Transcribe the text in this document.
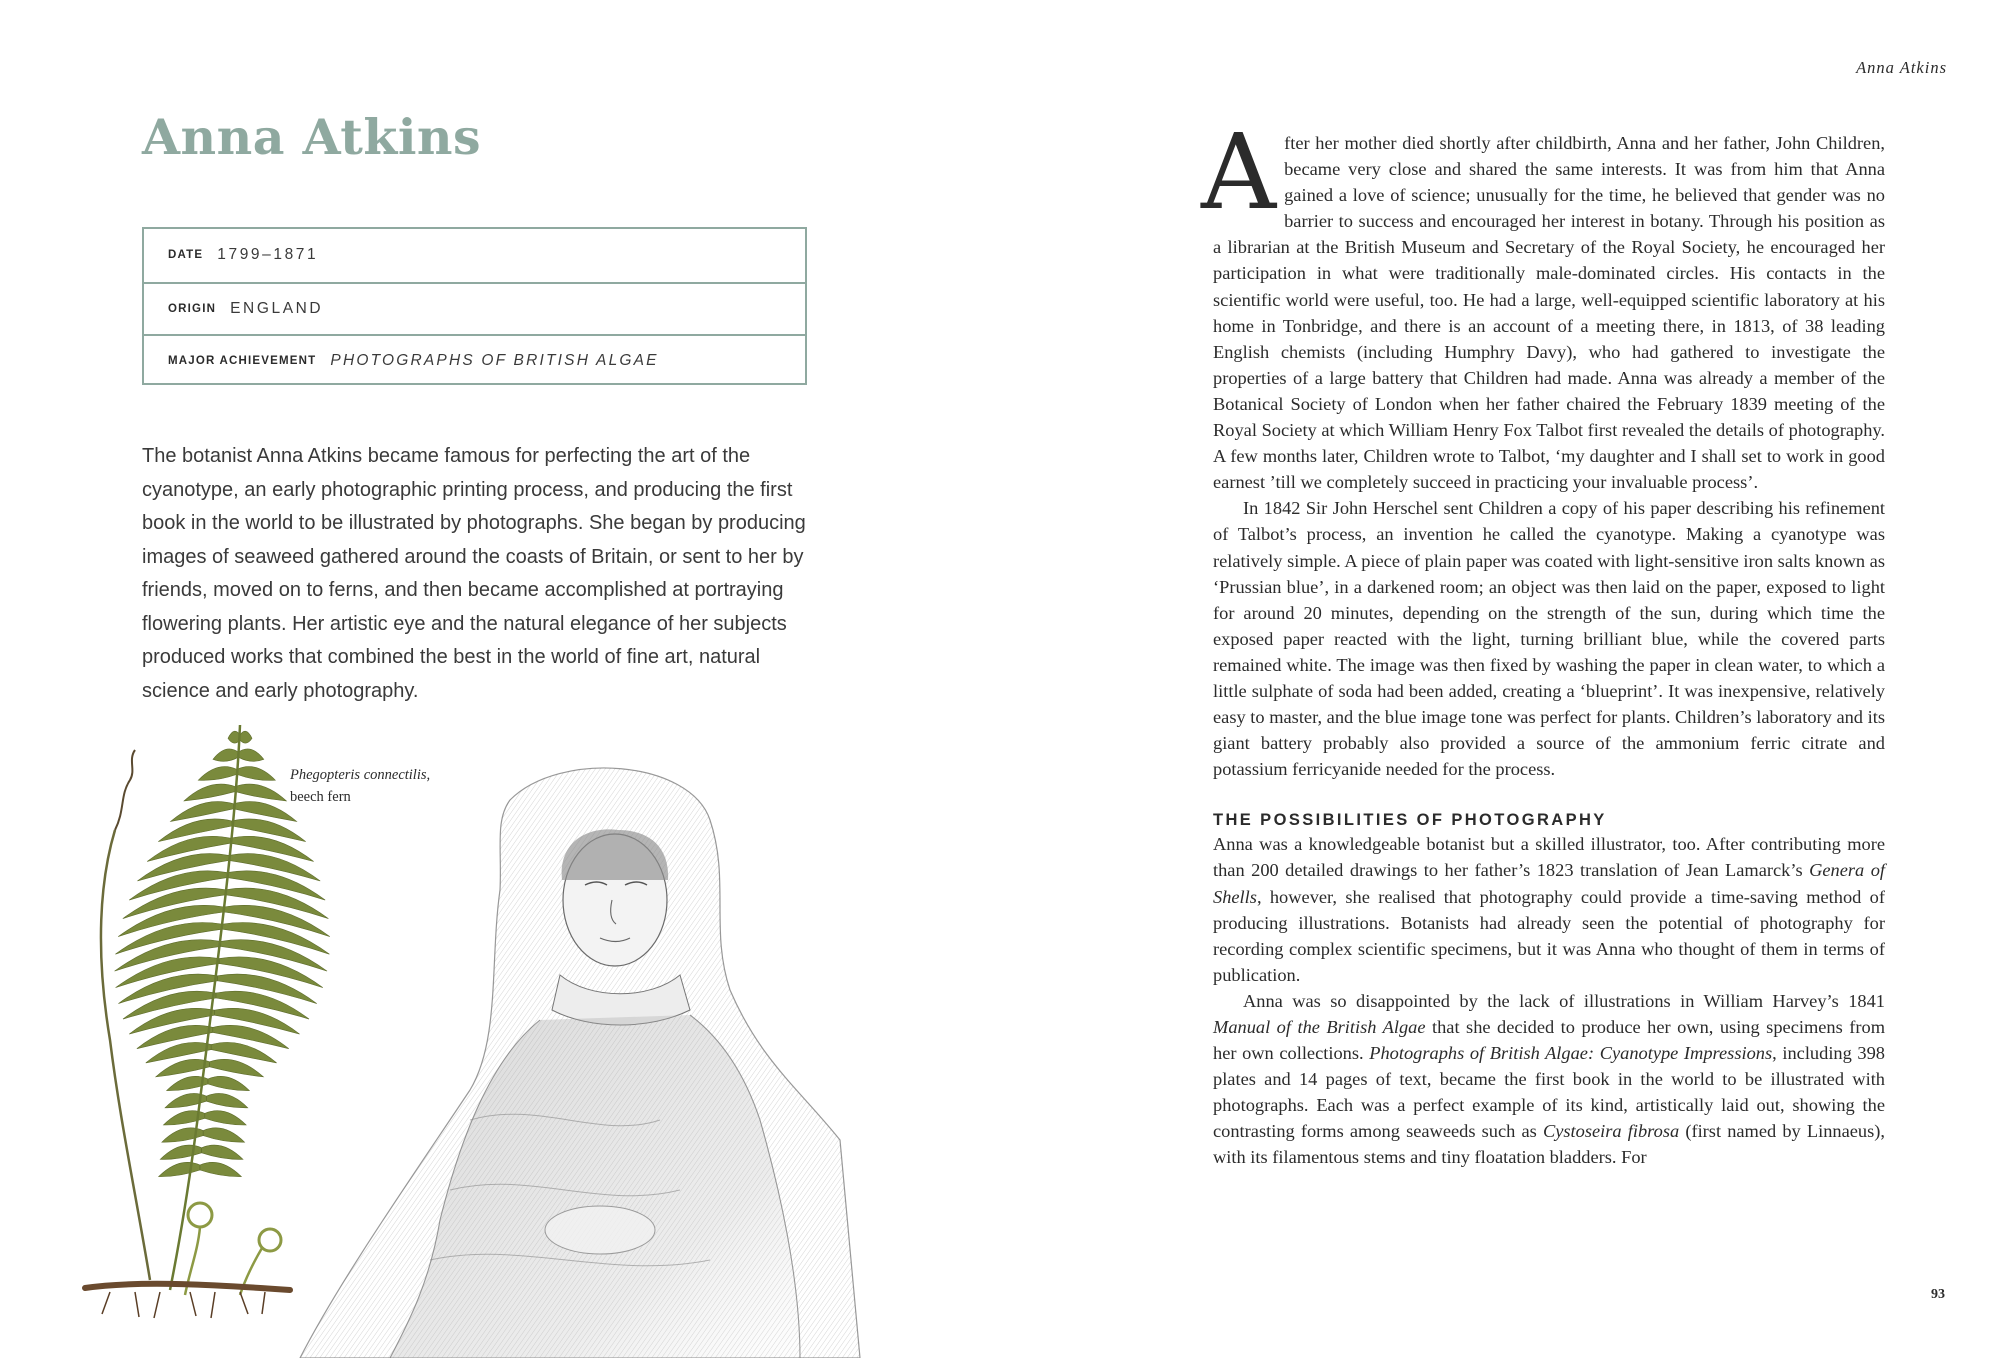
Anna Atkins
DATE 1799–1871
ORIGIN ENGLAND
MAJOR ACHIEVEMENT PHOTOGRAPHS OF BRITISH ALGAE

The botanist Anna Atkins became famous for perfecting the art of the cyanotype, an early photographic printing process, and producing the first book in the world to be illustrated by photographs. She began by producing images of seaweed gathered around the coasts of Britain, or sent to her by friends, moved on to ferns, and then became accomplished at portraying flowering plants. Her artistic eye and the natural elegance of her subjects produced works that combined the best in the world of fine art, natural science and early photography.

Phegopteris connectilis,
beech fern

Anna Atkins

After her mother died shortly after childbirth, Anna and her father, John Children, became very close and shared the same interests. It was from him that Anna gained a love of science; unusually for the time, he believed that gender was no barrier to success and encouraged her interest in botany. Through his position as a librarian at the British Museum and Secretary of the Royal Society, he encouraged her participation in what were traditionally male-dominated circles. His contacts in the scientific world were useful, too. He had a large, well-equipped scientific laboratory at his home in Tonbridge, and there is an account of a meeting there, in 1813, of 38 leading English chemists (including Humphry Davy), who had gathered to investigate the properties of a large battery that Children had made. Anna was already a member of the Botanical Society of London when her father chaired the February 1839 meeting of the Royal Society at which William Henry Fox Talbot first revealed the details of photography. A few months later, Children wrote to Talbot, ‘my daughter and I shall set to work in good earnest ’till we completely succeed in practicing your invaluable process’.

In 1842 Sir John Herschel sent Children a copy of his paper describing his refinement of Talbot’s process, an invention he called the cyanotype. Making a cyanotype was relatively simple. A piece of plain paper was coated with light-sensitive iron salts known as ‘Prussian blue’, in a darkened room; an object was then laid on the paper, exposed to light for around 20 minutes, depending on the strength of the sun, during which time the exposed paper reacted with the light, turning brilliant blue, while the covered parts remained white. The image was then fixed by washing the paper in clean water, to which a little sulphate of soda had been added, creating a ‘blueprint’. It was inexpensive, relatively easy to master, and the blue image tone was perfect for plants. Children’s laboratory and its giant battery probably also provided a source of the ammonium ferric citrate and potassium ferricyanide needed for the process.

THE POSSIBILITIES OF PHOTOGRAPHY

Anna was a knowledgeable botanist but a skilled illustrator, too. After contributing more than 200 detailed drawings to her father’s 1823 translation of Jean Lamarck’s Genera of Shells, however, she realised that photography could provide a time-saving method of producing illustrations. Botanists had already seen the potential of photography for recording complex scientific specimens, but it was Anna who thought of them in terms of publication.

Anna was so disappointed by the lack of illustrations in William Harvey’s 1841 Manual of the British Algae that she decided to produce her own, using specimens from her own collections. Photographs of British Algae: Cyanotype Impressions, including 398 plates and 14 pages of text, became the first book in the world to be illustrated with photographs. Each was a perfect example of its kind, artistically laid out, showing the contrasting forms among seaweeds such as Cystoseira fibrosa (first named by Linnaeus), with its filamentous stems and tiny floatation bladders. For

93
